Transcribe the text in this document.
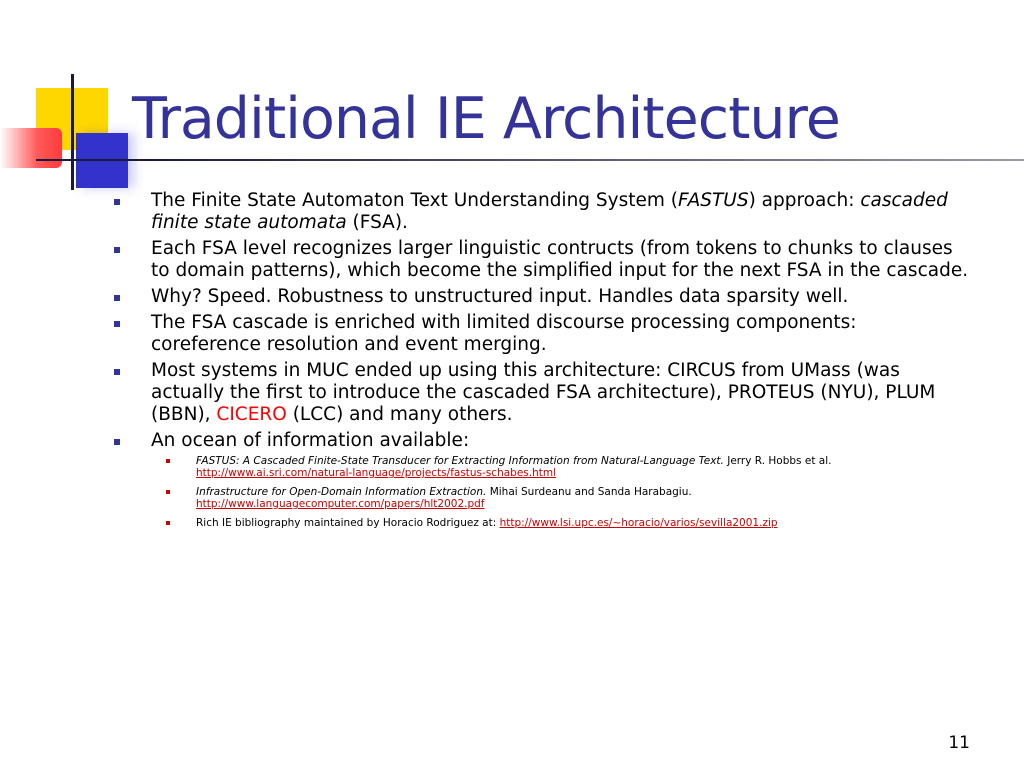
Traditional IE Architecture
The Finite State Automaton Text Understanding System (FASTUS) approach: cascaded finite state automata (FSA).
Each FSA level recognizes larger linguistic contructs (from tokens to chunks to clauses to domain patterns), which become the simplified input for the next FSA in the cascade.
Why? Speed. Robustness to unstructured input. Handles data sparsity well.
The FSA cascade is enriched with limited discourse processing components: coreference resolution and event merging.
Most systems in MUC ended up using this architecture: CIRCUS from UMass (was actually the first to introduce the cascaded FSA architecture), PROTEUS (NYU), PLUM (BBN), CICERO (LCC) and many others.
An ocean of information available:
FASTUS: A Cascaded Finite-State Transducer for Extracting Information from Natural-Language Text. Jerry R. Hobbs et al.
http://www.ai.sri.com/natural-language/projects/fastus-schabes.html
Infrastructure for Open-Domain Information Extraction. Mihai Surdeanu and Sanda Harabagiu.
http://www.languagecomputer.com/papers/hlt2002.pdf
Rich IE bibliography maintained by Horacio Rodriguez at: http://www.lsi.upc.es/~horacio/varios/sevilla2001.zip
11
